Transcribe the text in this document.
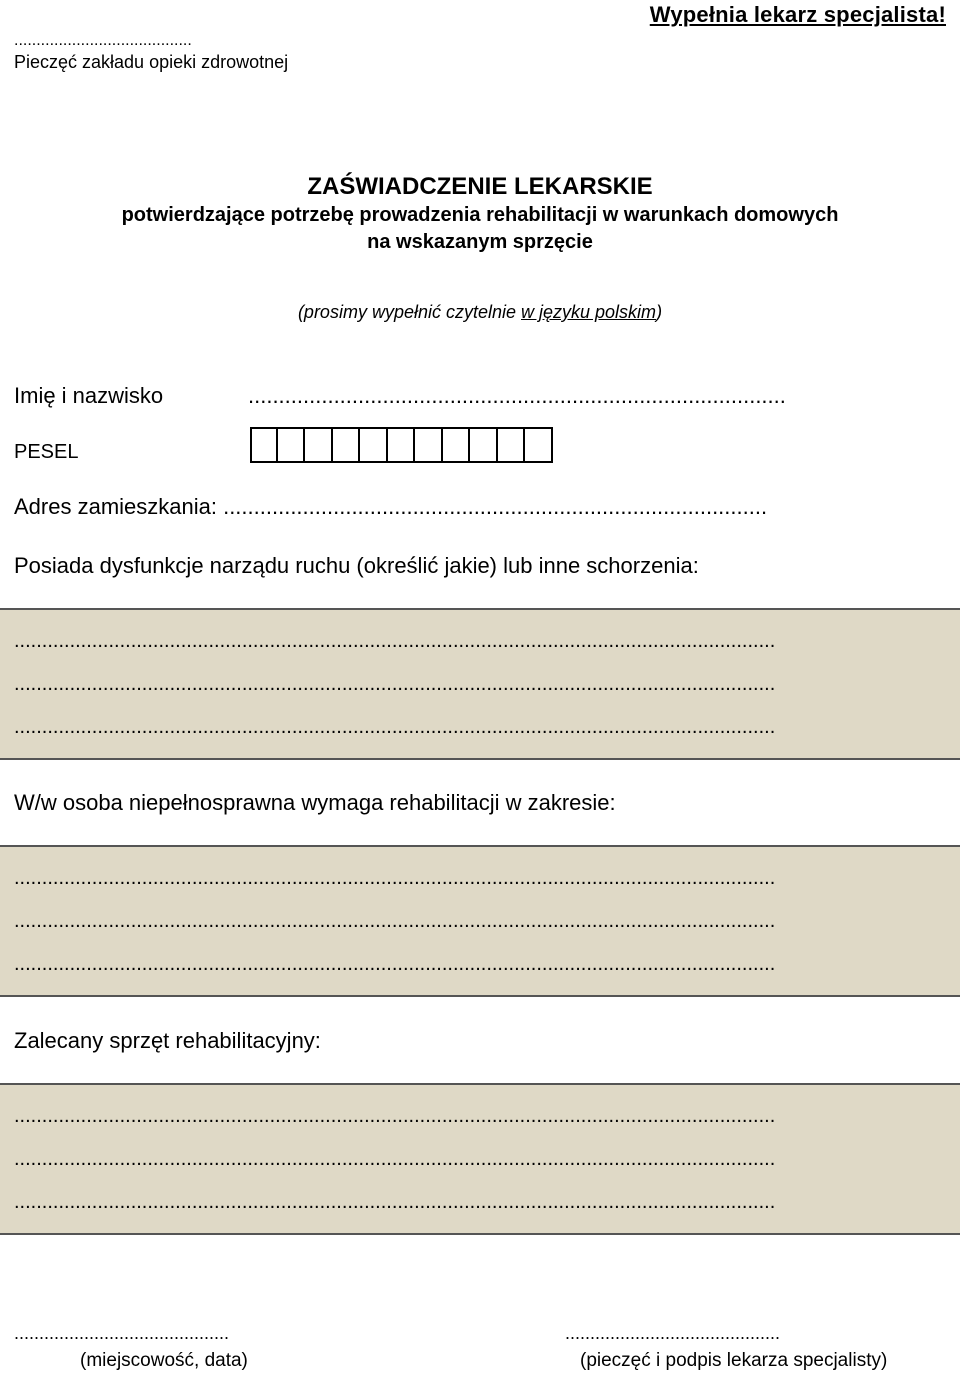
........................................
Pieczęć zakładu opieki zdrowotnej
Wypełnia lekarz specjalista!
ZAŚWIADCZENIE LEKARSKIE
potwierdzające potrzebę prowadzenia rehabilitacji w warunkach domowych
na wskazanym sprzęcie
(prosimy wypełnić czytelnie w języku polskim)
Imię i nazwisko	........................................................................................
PESEL
Adres zamieszkania: .........................................................................................
Posiada dysfunkcje narządu ruchu (określić jakie) lub inne schorzenia:
.........................................................................................................................................
.........................................................................................................................................
.........................................................................................................................................
W/w osoba niepełnosprawna wymaga rehabilitacji w zakresie:
.........................................................................................................................................
.........................................................................................................................................
.........................................................................................................................................
Zalecany sprzęt rehabilitacyjny:
.........................................................................................................................................
.........................................................................................................................................
.........................................................................................................................................
...........................................	...........................................
(miejscowość, data)	(pieczęć i podpis lekarza specjalisty)
